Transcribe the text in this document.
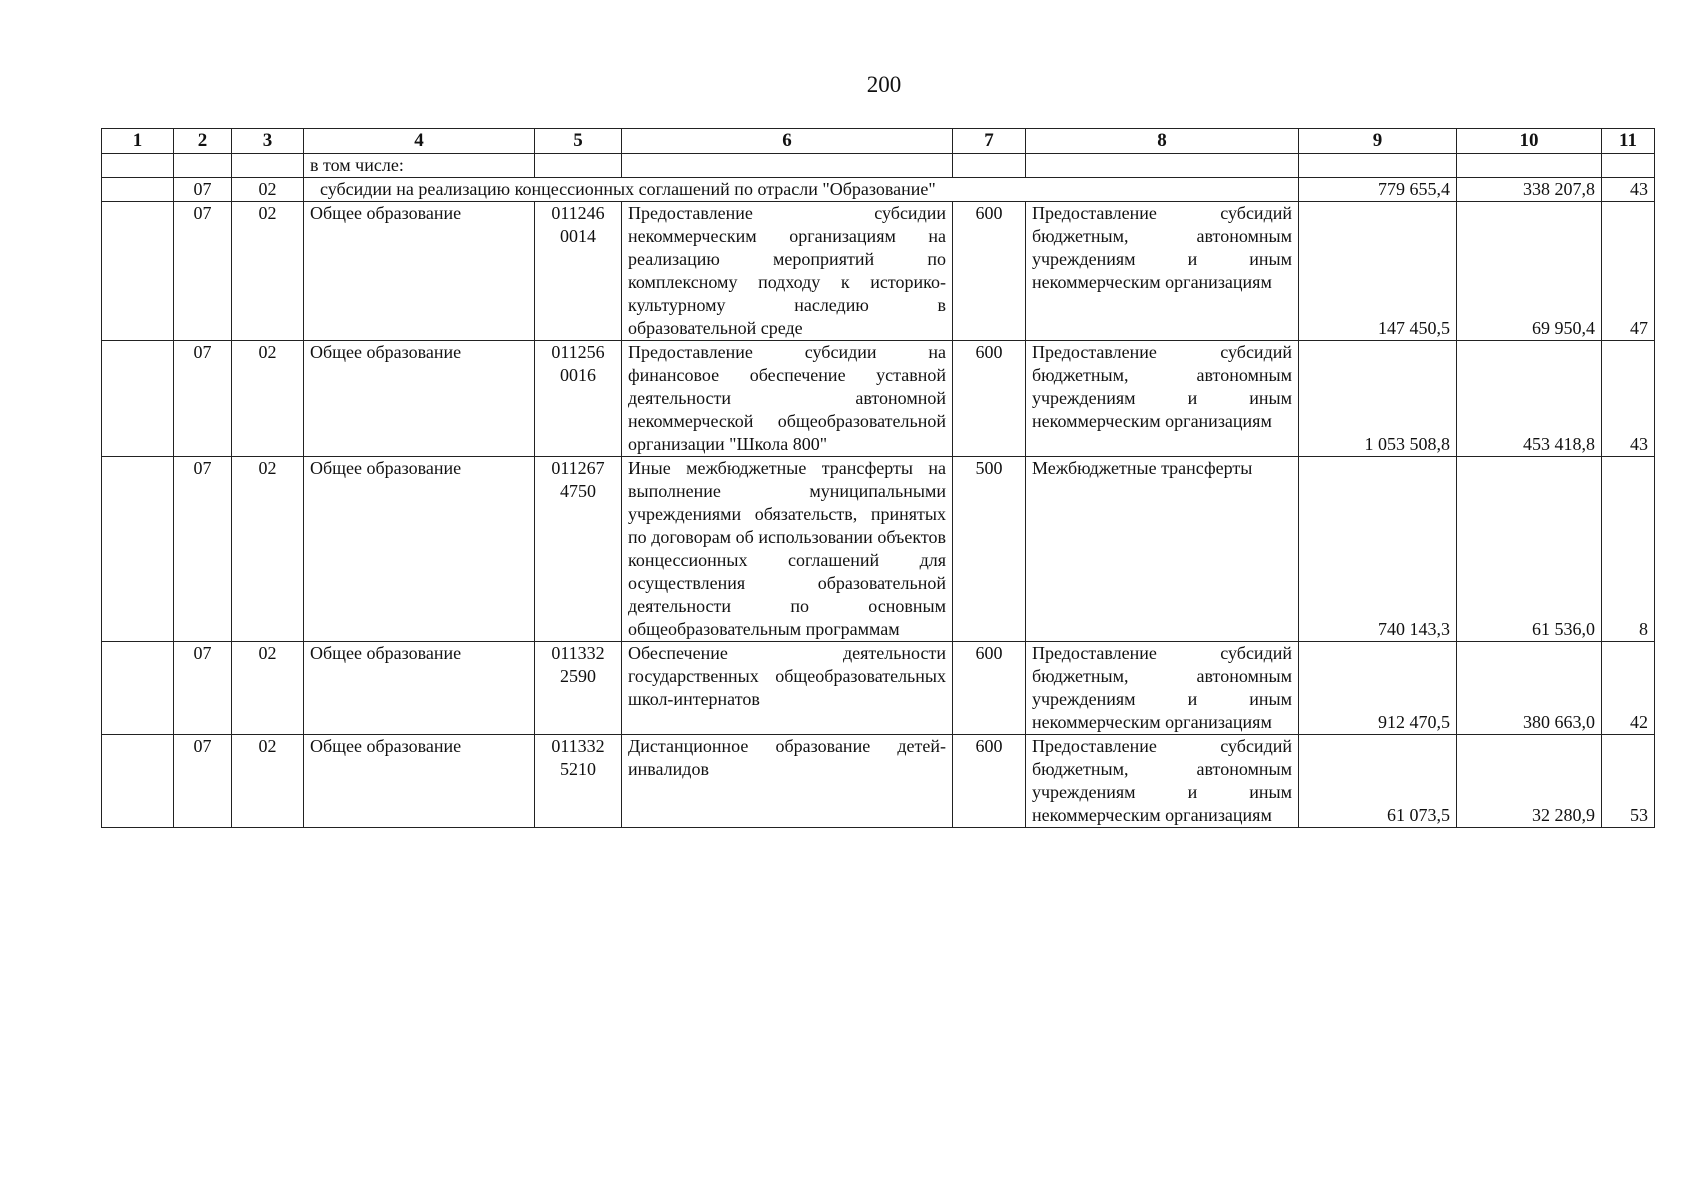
200
1	2	3	4	5	6	7	8	9	10	11
			в том числе:							
	07	02	субсидии на реализацию концессионных соглашений по отрасли "Образование"					779 655,4	338 207,8	43
	07	02	Общее образование	011246 0014	Предоставление субсидии некоммерческим организациям на реализацию мероприятий по комплексному подходу к историко-культурному наследию в образовательной среде	600	Предоставление субсидий бюджетным, автономным учреждениям и иным некоммерческим организациям	147 450,5	69 950,4	47
	07	02	Общее образование	011256 0016	Предоставление субсидии на финансовое обеспечение уставной деятельности автономной некоммерческой общеобразовательной организации "Школа 800"	600	Предоставление субсидий бюджетным, автономным учреждениям и иным некоммерческим организациям	1 053 508,8	453 418,8	43
	07	02	Общее образование	011267 4750	Иные межбюджетные трансферты на выполнение муниципальными учреждениями обязательств, принятых по договорам об использовании объектов концессионных соглашений для осуществления образовательной деятельности по основным общеобразовательным программам	500	Межбюджетные трансферты	740 143,3	61 536,0	8
	07	02	Общее образование	011332 2590	Обеспечение деятельности государственных общеобразовательных школ-интернатов	600	Предоставление субсидий бюджетным, автономным учреждениям и иным некоммерческим организациям	912 470,5	380 663,0	42
	07	02	Общее образование	011332 5210	Дистанционное образование детей-инвалидов	600	Предоставление субсидий бюджетным, автономным учреждениям и иным некоммерческим организациям	61 073,5	32 280,9	53
